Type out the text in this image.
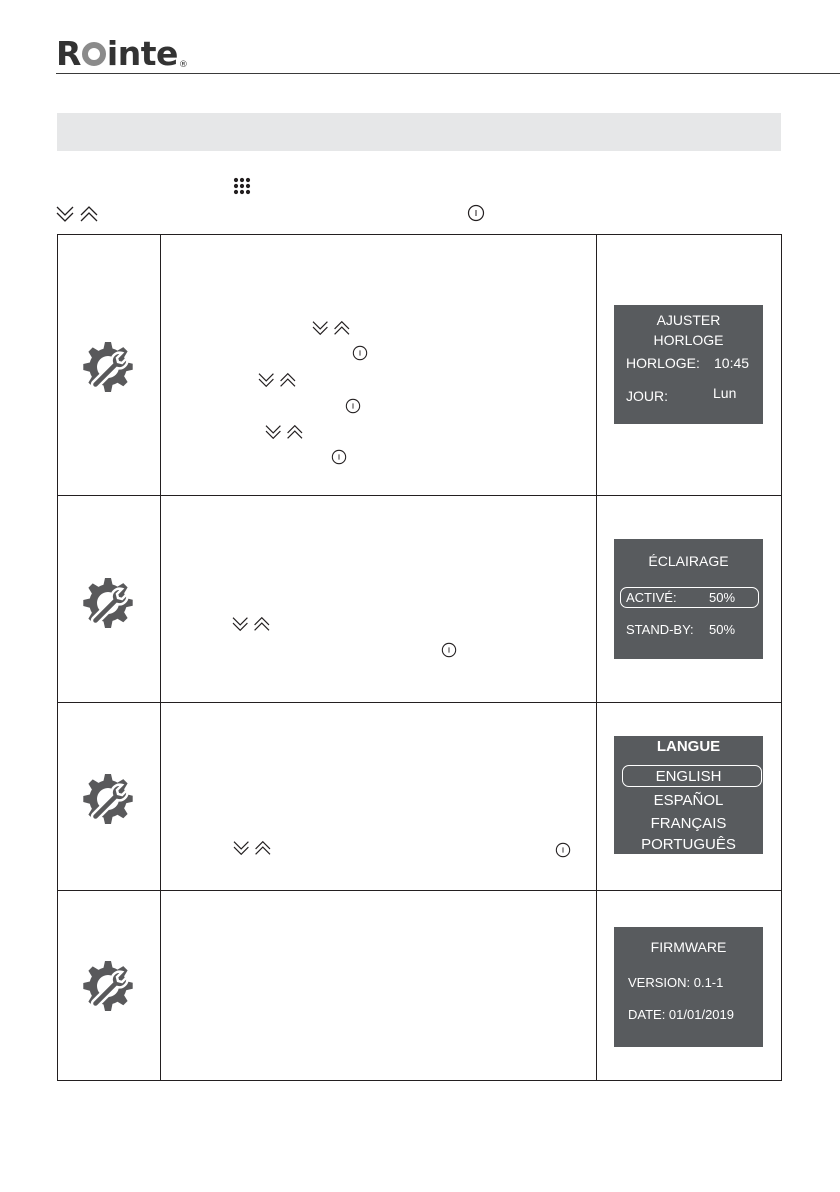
R inte ®
AJUSTER
HORLOGE
HORLOGE: 10:45
JOUR:	Lun
ÉCLAIRAGE
ACTIVÉ: 50%
STAND-BY: 50%
LANGUE
ENGLISH
ESPAÑOL
FRANÇAIS
PORTUGUÊS
FIRMWARE
VERSION: 0.1-1
DATE: 01/01/2019
